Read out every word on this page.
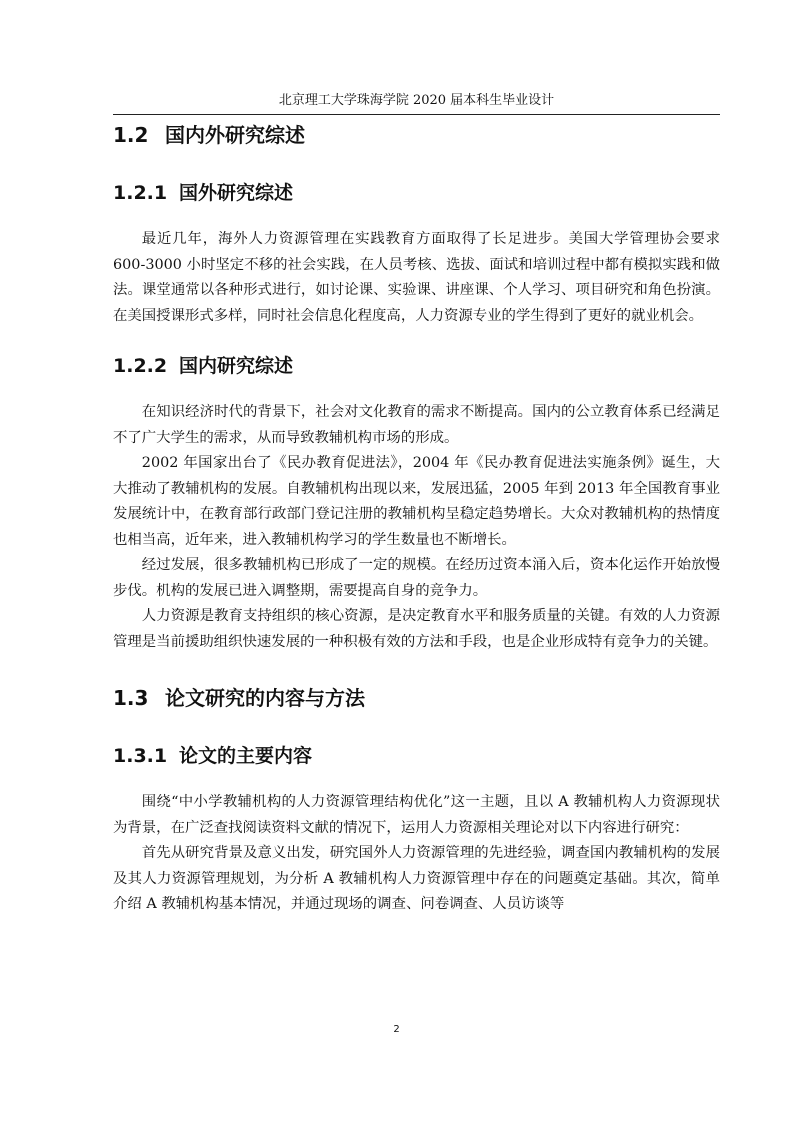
北京理工大学珠海学院 2020 届本科生毕业设计
1.2 国内外研究综述
1.2.1 国外研究综述

最近几年，海外人力资源管理在实践教育方面取得了长足进步。美国大学管理协会要求 600-3000 小时坚定不移的社会实践，在人员考核、选拔、面试和培训过程中都有模拟实践和做法。课堂通常以各种形式进行，如讨论课、实验课、讲座课、个人学习、项目研究和角色扮演。在美国授课形式多样，同时社会信息化程度高，人力资源专业的学生得到了更好的就业机会。

1.2.2 国内研究综述

在知识经济时代的背景下，社会对文化教育的需求不断提高。国内的公立教育体系已经满足不了广大学生的需求，从而导致教辅机构市场的形成。

2002 年国家出台了《民办教育促进法》，2004 年《民办教育促进法实施条例》诞生，大大推动了教辅机构的发展。自教辅机构出现以来，发展迅猛，2005 年到 2013 年全国教育事业发展统计中，在教育部行政部门登记注册的教辅机构呈稳定趋势增长。大众对教辅机构的热情度也相当高，近年来，进入教辅机构学习的学生数量也不断增长。

经过发展，很多教辅机构已形成了一定的规模。在经历过资本涌入后，资本化运作开始放慢步伐。机构的发展已进入调整期，需要提高自身的竞争力。

人力资源是教育支持组织的核心资源，是决定教育水平和服务质量的关键。有效的人力资源管理是当前援助组织快速发展的一种积极有效的方法和手段，也是企业形成特有竞争力的关键。

1.3 论文研究的内容与方法
1.3.1 论文的主要内容

围绕“中小学教辅机构的人力资源管理结构优化”这一主题，且以 A 教辅机构人力资源现状为背景，在广泛查找阅读资料文献的情况下，运用人力资源相关理论对以下内容进行研究：

首先从研究背景及意义出发，研究国外人力资源管理的先进经验，调查国内教辅机构的发展及其人力资源管理规划，为分析 A 教辅机构人力资源管理中存在的问题奠定基础。其次，简单介绍 A 教辅机构基本情况，并通过现场的调查、问卷调查、人员访谈等

2
